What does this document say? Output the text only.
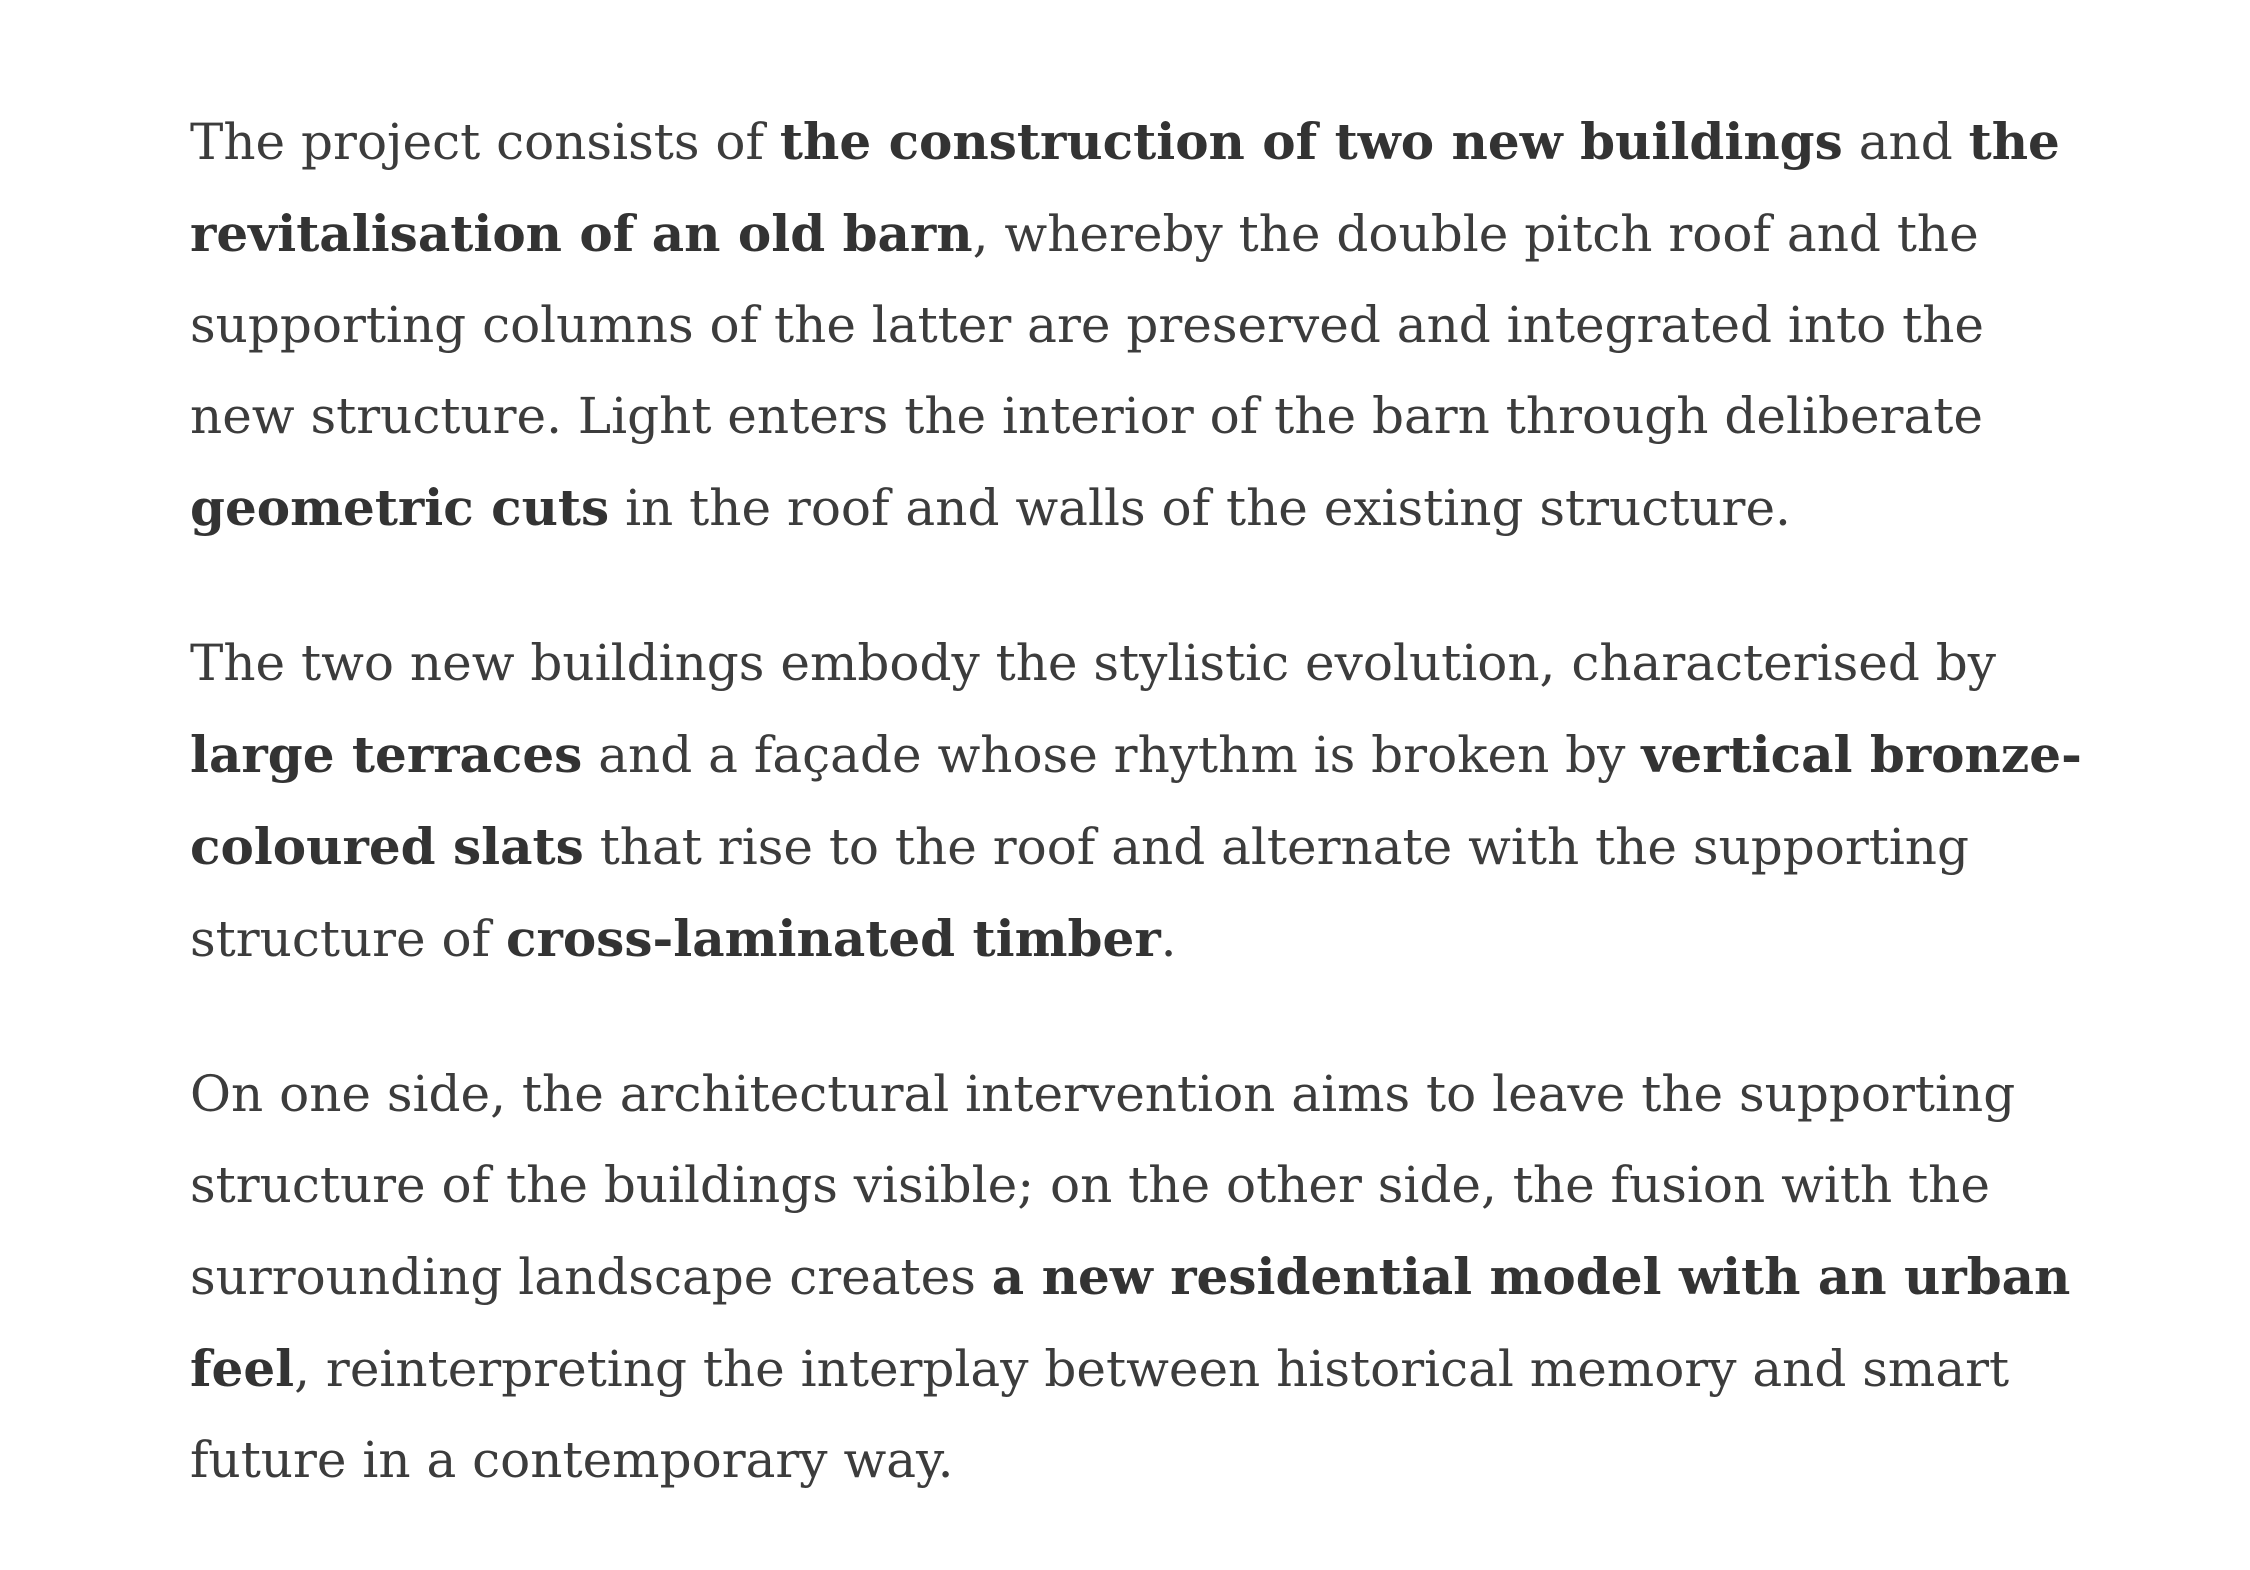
The project consists of the construction of two new buildings and the revitalisation of an old barn, whereby the double pitch roof and the supporting columns of the latter are preserved and integrated into the new structure. Light enters the interior of the barn through deliberate geometric cuts in the roof and walls of the existing structure.

The two new buildings embody the stylistic evolution, characterised by large terraces and a façade whose rhythm is broken by vertical bronze-coloured slats that rise to the roof and alternate with the supporting structure of cross-laminated timber.

On one side, the architectural intervention aims to leave the supporting structure of the buildings visible; on the other side, the fusion with the surrounding landscape creates a new residential model with an urban feel, reinterpreting the interplay between historical memory and smart future in a contemporary way.
